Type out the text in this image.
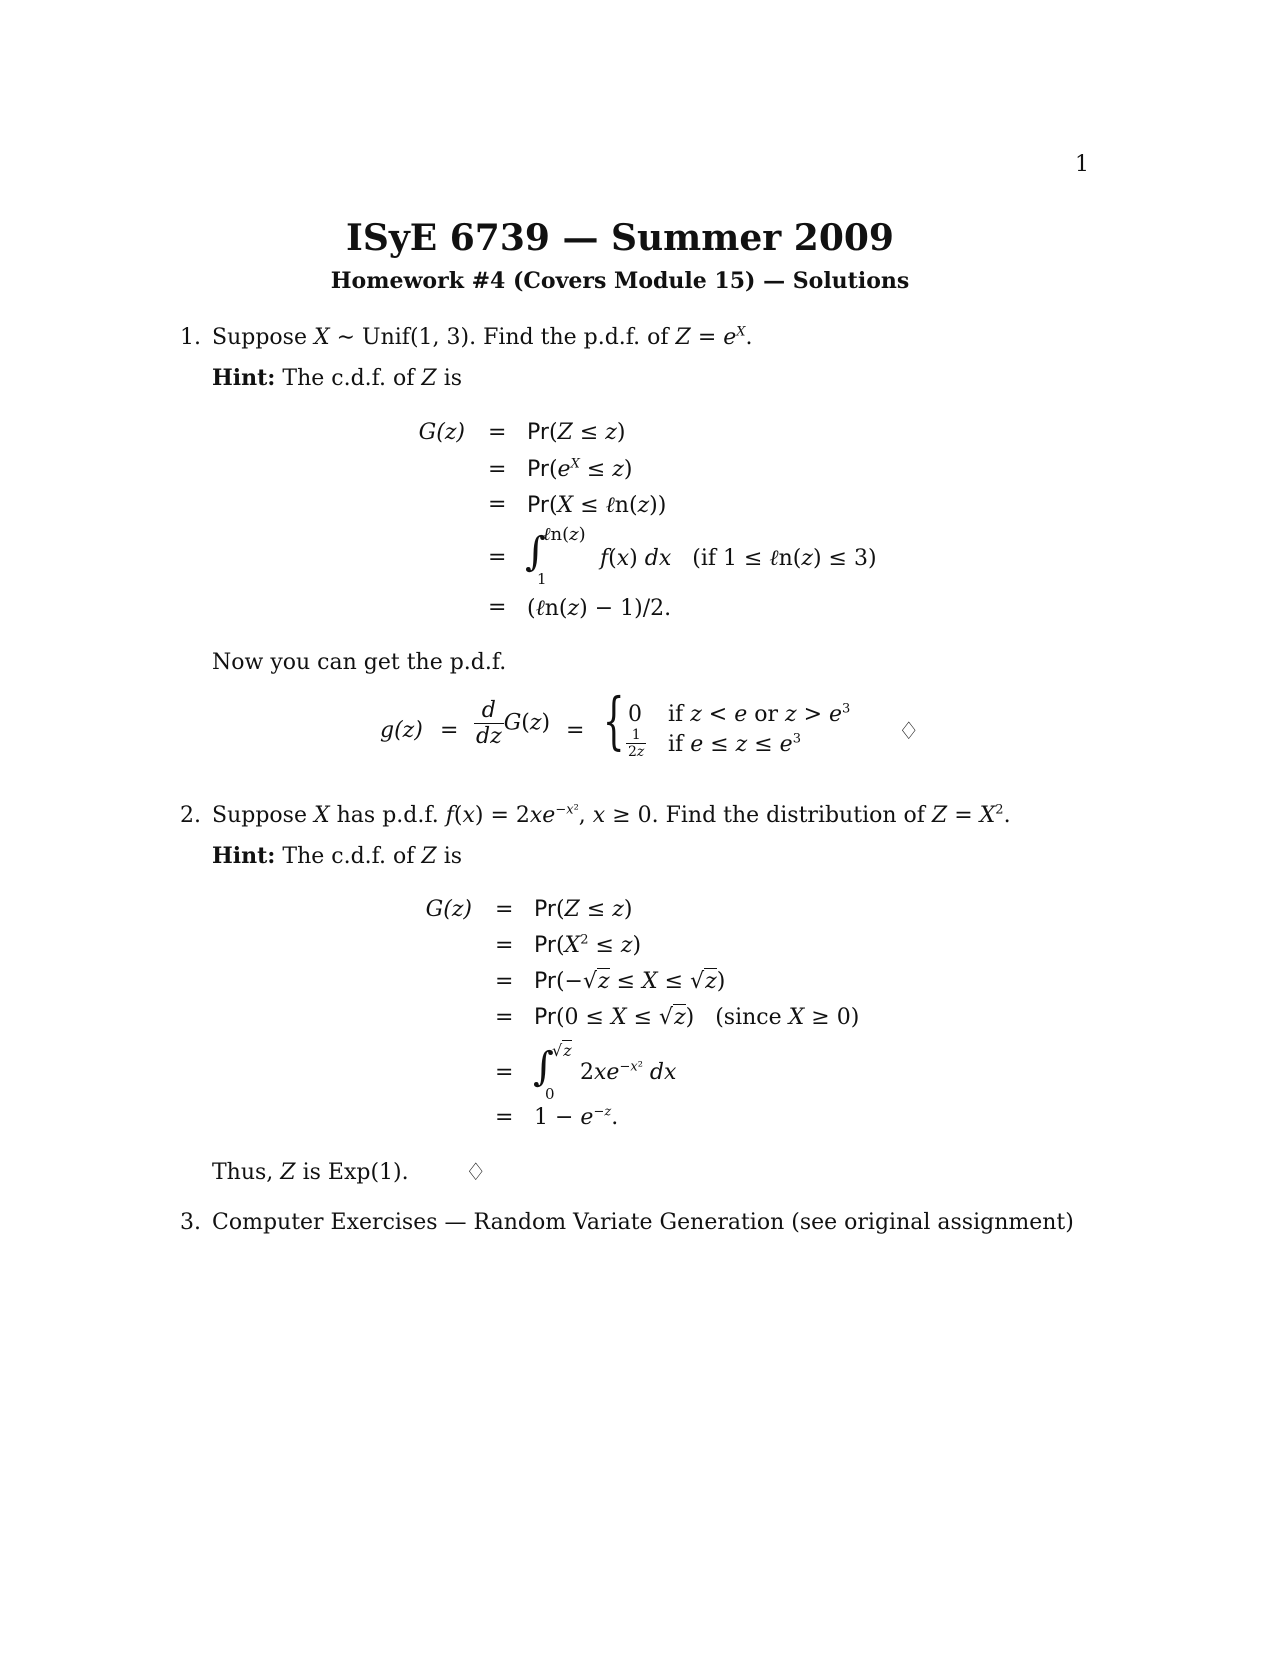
1
ISyE 6739 — Summer 2009
Homework #4 (Covers Module 15) — Solutions
1. Suppose X ∼ Unif(1, 3). Find the p.d.f. of $Z = e^X$.
Hint: The c.d.f. of Z is
G(z) = Pr(Z ≤ z)
= $Pr(e^X \le z)$
= Pr(X ≤ ℓn(z))
= ∫
ℓn(z)
1
f(x) dx   (if 1 ≤ ℓn(z) ≤ 3)
= (ℓn(z) − 1)/2.
Now you can get the p.d.f.
$g(z) = \frac{d}{dz} G(z)$ = { 0 if z < e or $z > e^3$
$\frac{1}{2z}$ if $e \le z \le e^3$	♢
2. Suppose X has p.d.f. $f(x) = 2xe^{-x^2}$, x ≥ 0. Find the distribution of $Z = X^2$.
Hint: The c.d.f. of Z is
G(z) = Pr(Z ≤ z)
= $Pr(X^2 \le z)$
= Pr(−√z ≤ X ≤ √z)
= Pr(0 ≤ X ≤ √z)   (since X ≥ 0)
= ∫
√z
0
$2xe^{-x^2}$ dx
= $1 - e^{-z}$.
Thus, Z is Exp(1). ♢
3. Computer Exercises — Random Variate Generation (see original assignment)
